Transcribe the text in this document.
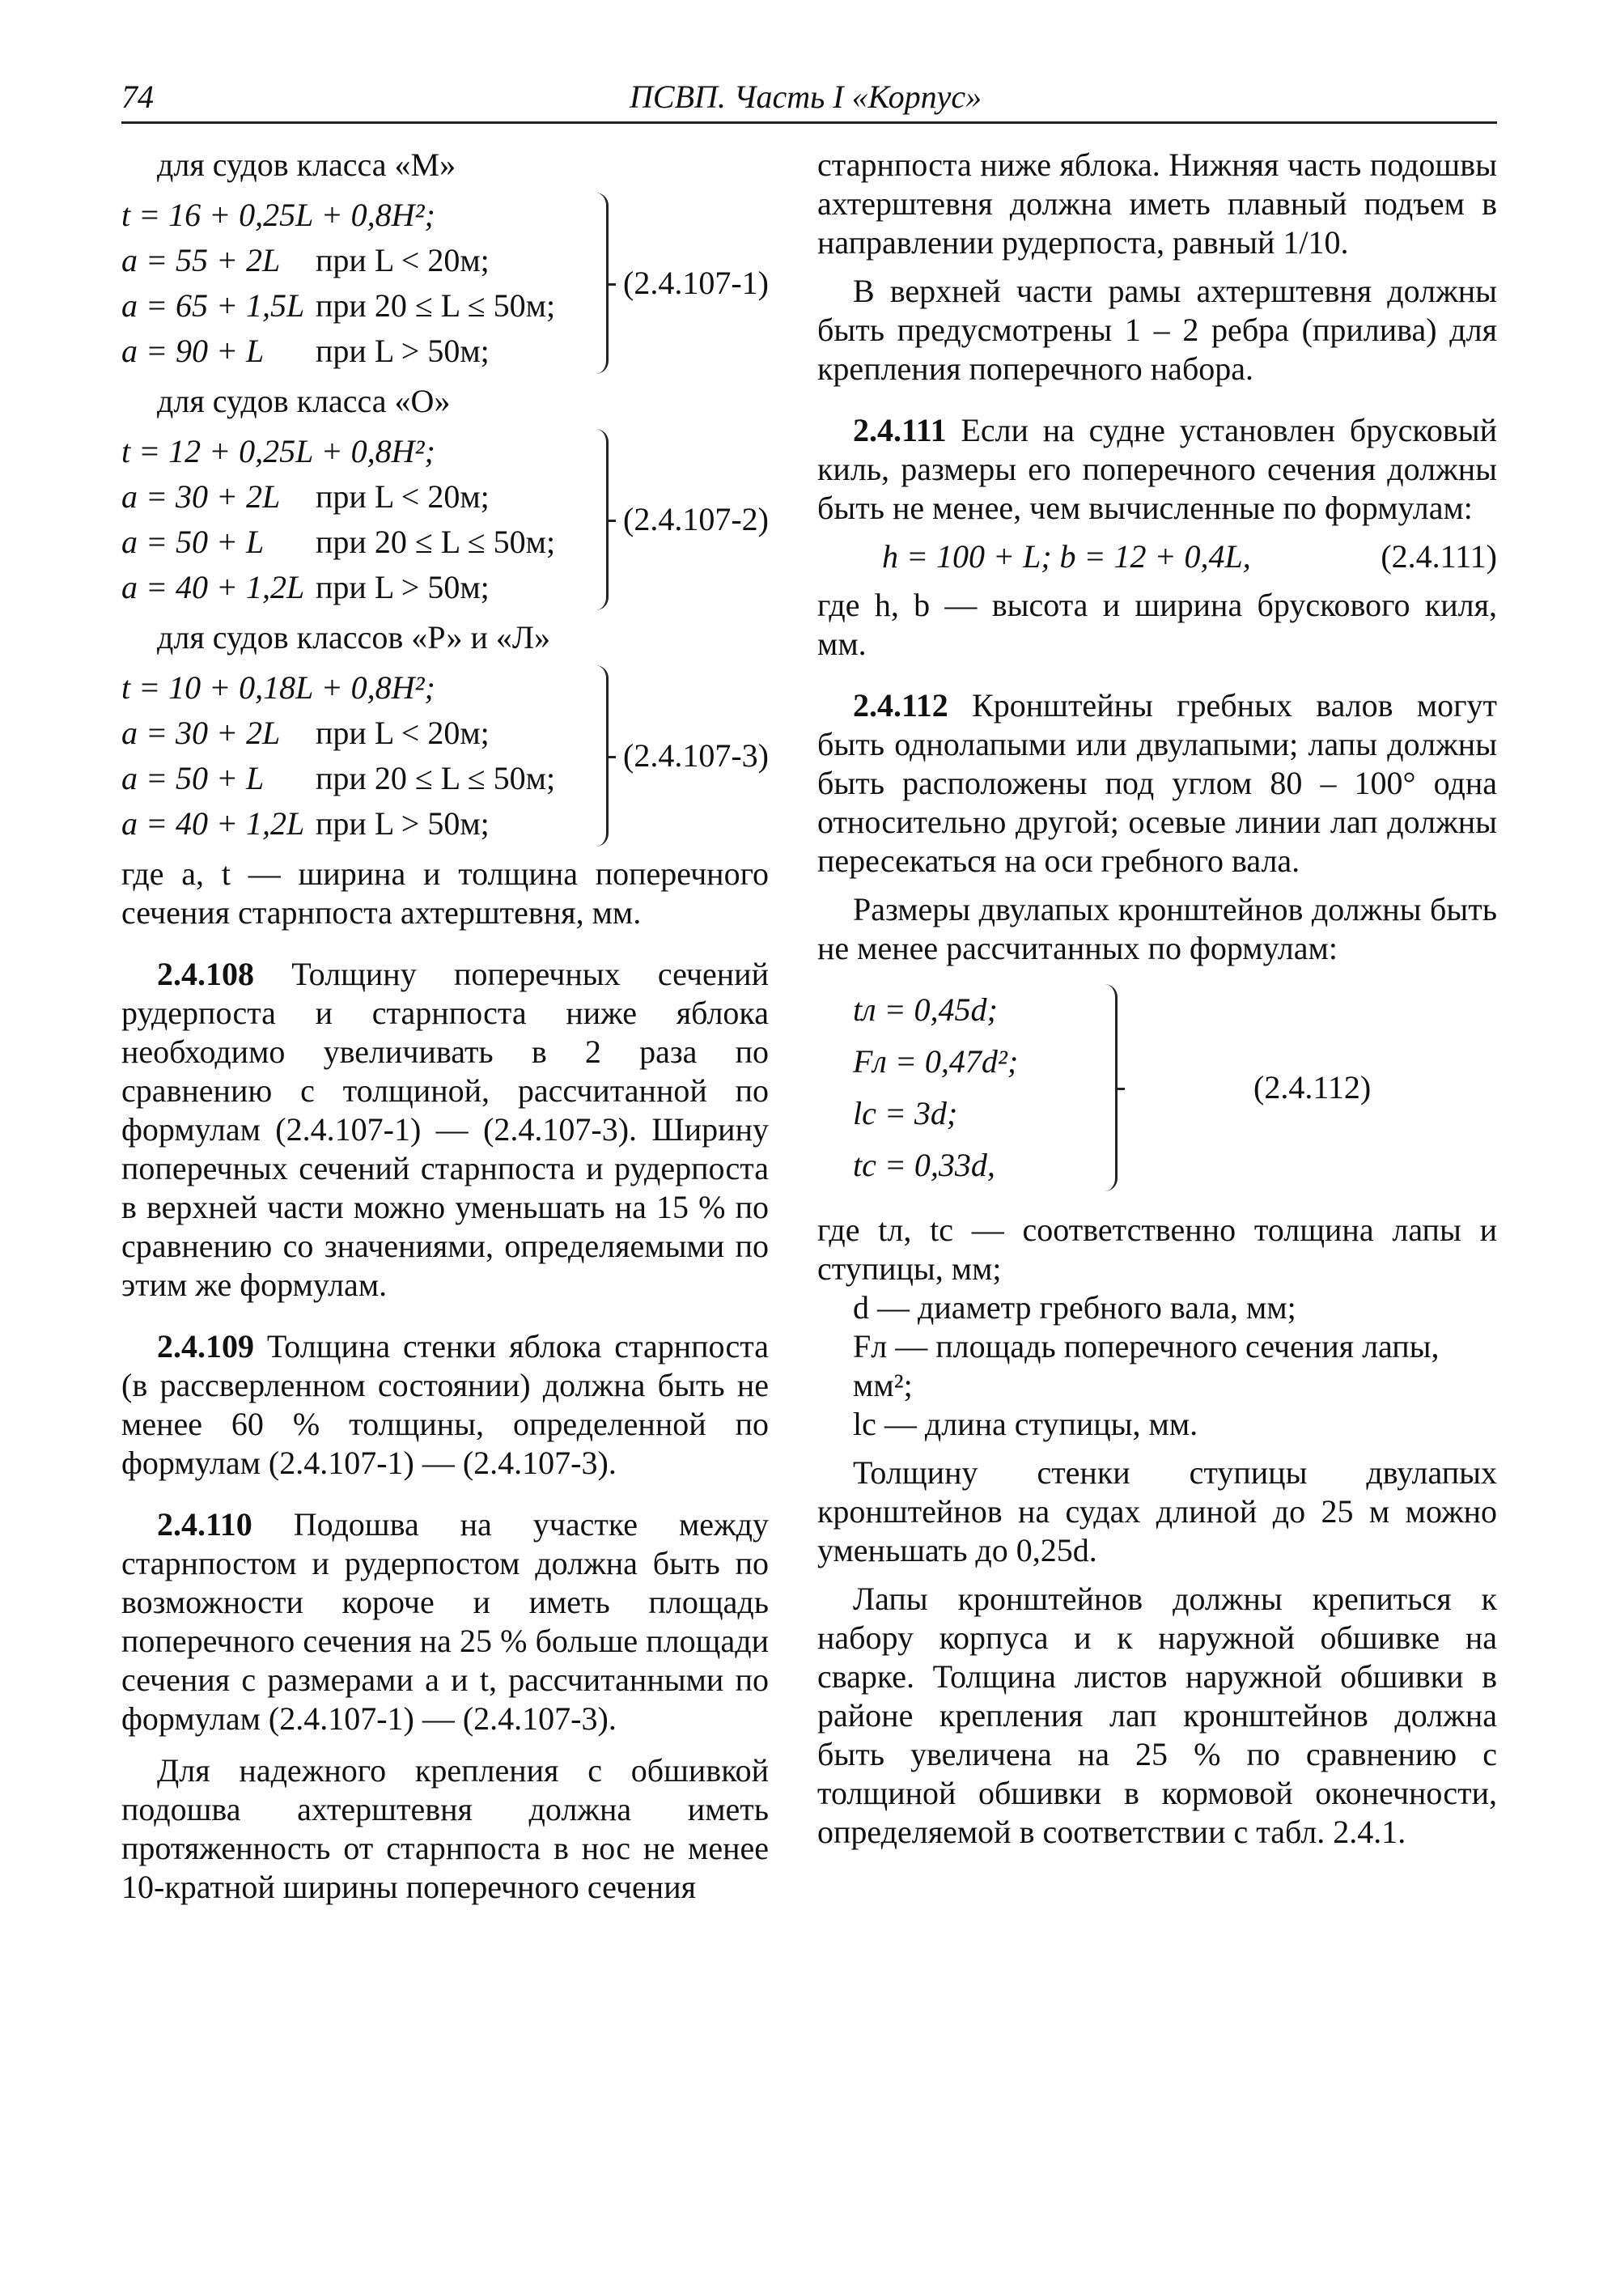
74	ПСВП. Часть I «Корпус»

для судов класса «М»

t = 16 + 0,25L + 0,8H²;
a = 55 + 2L при L < 20м;
a = 65 + 1,5L при 20 ≤ L ≤ 50м;
a = 90 + L при L > 50м;
(2.4.107-1)

для судов класса «О»

t = 12 + 0,25L + 0,8H²;
a = 30 + 2L при L < 20м;
a = 50 + L при 20 ≤ L ≤ 50м;
a = 40 + 1,2L при L > 50м;
(2.4.107-2)

для судов классов «Р» и «Л»

t = 10 + 0,18L + 0,8H²;
a = 30 + 2L при L < 20м;
a = 50 + L при 20 ≤ L ≤ 50м;
a = 40 + 1,2L при L > 50м;
(2.4.107-3)

где a, t — ширина и толщина поперечного сечения старнпоста ахтерштевня, мм.

2.4.108 Толщину поперечных сечений рудерпоста и старнпоста ниже яблока необходимо увеличивать в 2 раза по сравнению с толщиной, рассчитанной по формулам (2.4.107-1) — (2.4.107-3). Ширину поперечных сечений старнпоста и рудерпоста в верхней части можно уменьшать на 15 % по сравнению со значениями, определяемыми по этим же формулам.

2.4.109 Толщина стенки яблока старнпоста (в рассверленном состоянии) должна быть не менее 60 % толщины, определенной по формулам (2.4.107-1) — (2.4.107-3).

2.4.110 Подошва на участке между старнпостом и рудерпостом должна быть по возможности короче и иметь площадь поперечного сечения на 25 % больше площади сечения с размерами a и t, рассчитанными по формулам (2.4.107-1) — (2.4.107-3).

Для надежного крепления с обшивкой подошва ахтерштевня должна иметь протяженность от старнпоста в нос не менее 10-кратной ширины поперечного сечения

старнпоста ниже яблока. Нижняя часть подошвы ахтерштевня должна иметь плавный подъем в направлении рудерпоста, равный 1/10.

В верхней части рамы ахтерштевня должны быть предусмотрены 1 – 2 ребра (прилива) для крепления поперечного набора.

2.4.111 Если на судне установлен брусковый киль, размеры его поперечного сечения должны быть не менее, чем вычисленные по формулам:

h = 100 + L; b = 12 + 0,4L,	(2.4.111)

где h, b — высота и ширина брускового киля, мм.

2.4.112 Кронштейны гребных валов могут быть однолапыми или двулапыми; лапы должны быть расположены под углом 80 – 100° одна относительно другой; осевые линии лап должны пересекаться на оси гребного вала.

Размеры двулапых кронштейнов должны быть не менее рассчитанных по формулам:

tл = 0,45d;
Fл = 0,47d²;
lс = 3d;
tс = 0,33d,
(2.4.112)

где tл, tс — соответственно толщина лапы и ступицы, мм;

d — диаметр гребного вала, мм;

Fл — площадь поперечного сечения лапы, мм²;

lс — длина ступицы, мм.

Толщину стенки ступицы двулапых кронштейнов на судах длиной до 25 м можно уменьшать до 0,25d.

Лапы кронштейнов должны крепиться к набору корпуса и к наружной обшивке на сварке. Толщина листов наружной обшивки в районе крепления лап кронштейнов должна быть увеличена на 25 % по сравнению с толщиной обшивки в кормовой оконечности, определяемой в соответствии с табл. 2.4.1.
